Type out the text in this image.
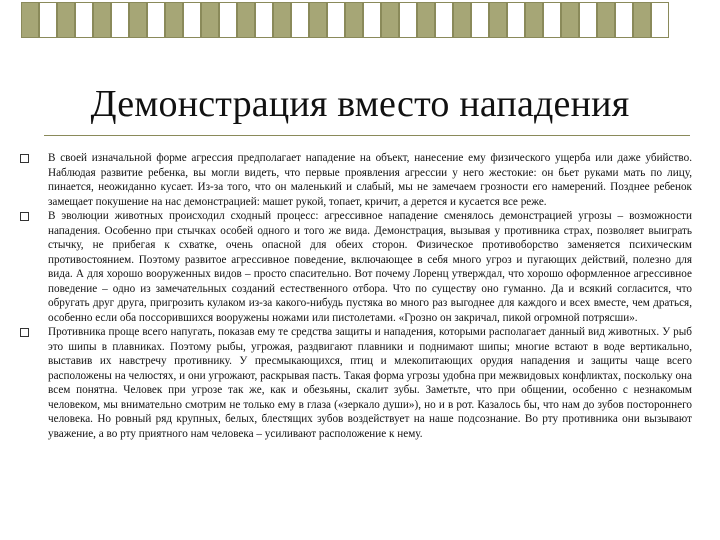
Демонстрация вместо нападения
В своей изначальной форме агрессия предполагает нападение на объект, нанесение ему физического ущерба или даже убийство. Наблюдая развитие ребенка, вы могли видеть, что первые проявления агрессии у него жестокие: он бьет руками мать по лицу, пинается, неожиданно кусает. Из-за того, что он маленький и слабый, мы не замечаем грозности его намерений. Позднее ребенок замещает покушение на нас демонстрацией: машет рукой, топает, кричит, а дерется и кусается все реже.
В эволюции животных происходил сходный процесс: агрессивное нападение сменялось демонстрацией угрозы – возможности нападения. Особенно при стычках особей одного и того же вида. Демонстрация, вызывая у противника страх, позволяет выиграть стычку, не прибегая к схватке, очень опасной для обеих сторон. Физическое противоборство заменяется психическим противостоянием. Поэтому развитое агрессивное поведение, включающее в себя много угроз и пугающих действий, полезно для вида. А для хорошо вооруженных видов – просто спасительно. Вот почему Лоренц утверждал, что хорошо оформленное агрессивное поведение – одно из замечательных созданий естественного отбора. Что по существу оно гуманно. Да и всякий согласится, что обругать друг друга, пригрозить кулаком из-за какого-нибудь пустяка во много раз выгоднее для каждого и всех вместе, чем драться, особенно если оба поссорившихся вооружены ножами или пистолетами. «Грозно он закричал, пикой огромной потрясши».
Противника проще всего напугать, показав ему те средства защиты и нападения, которыми располагает данный вид животных. У рыб это шипы в плавниках. Поэтому рыбы, угрожая, раздвигают плавники и поднимают шипы; многие встают в воде вертикально, выставив их навстречу противнику. У пресмыкающихся, птиц и млекопитающих орудия нападения и защиты чаще всего расположены на челюстях, и они угрожают, раскрывая пасть. Такая форма угрозы удобна при межвидовых конфликтах, поскольку она всем понятна. Человек при угрозе так же, как и обезьяны, скалит зубы. Заметьте, что при общении, особенно с незнакомым человеком, мы внимательно смотрим не только ему в глаза («зеркало души»), но и в рот. Казалось бы, что нам до зубов постороннего человека. Но ровный ряд крупных, белых, блестящих зубов воздействует на наше подсознание. Во рту противника они вызывают уважение, а во рту приятного нам человека – усиливают расположение к нему.
